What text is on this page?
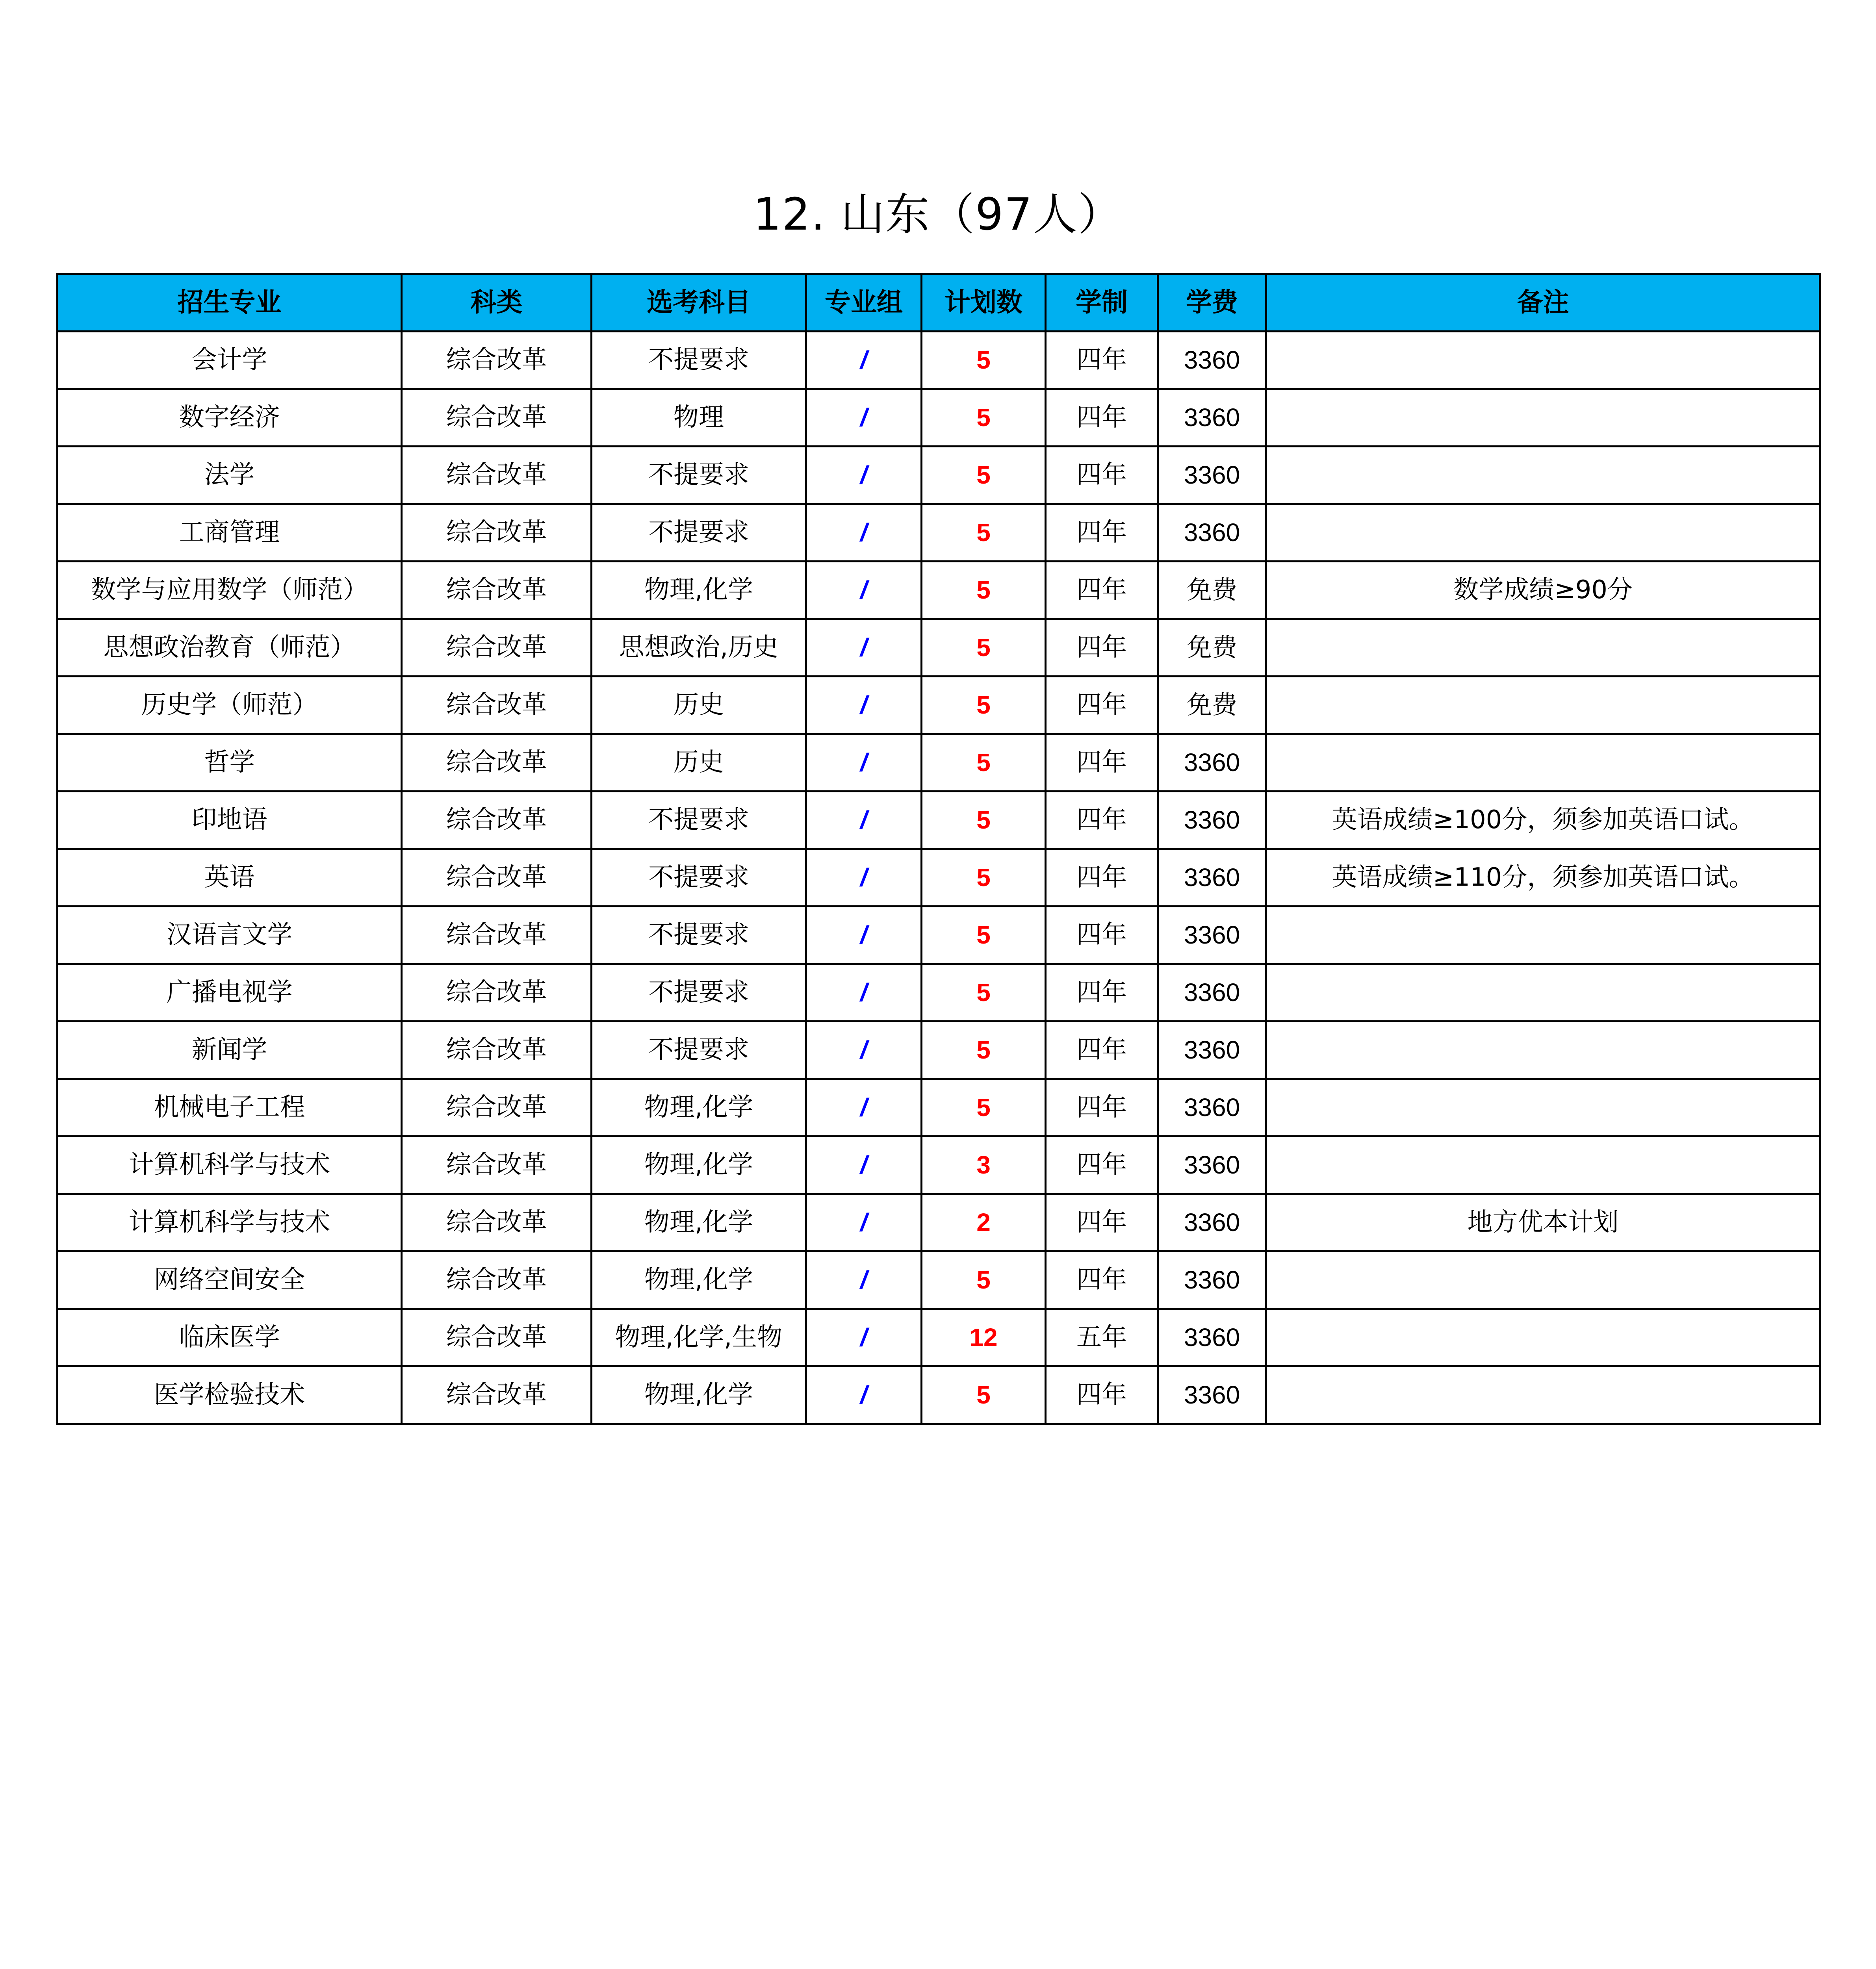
12. 山东（97人）
招生专业	科类	选考科目	专业组	计划数	学制	学费	备注
会计学	综合改革	不提要求	/	5	四年	3360	
数字经济	综合改革	物理	/	5	四年	3360	
法学	综合改革	不提要求	/	5	四年	3360	
工商管理	综合改革	不提要求	/	5	四年	3360	
数学与应用数学（师范）	综合改革	物理,化学	/	5	四年	免费	数学成绩≥90分
思想政治教育（师范）	综合改革	思想政治,历史	/	5	四年	免费	
历史学（师范）	综合改革	历史	/	5	四年	免费	
哲学	综合改革	历史	/	5	四年	3360	
印地语	综合改革	不提要求	/	5	四年	3360	英语成绩≥100分，须参加英语口试。
英语	综合改革	不提要求	/	5	四年	3360	英语成绩≥110分，须参加英语口试。
汉语言文学	综合改革	不提要求	/	5	四年	3360	
广播电视学	综合改革	不提要求	/	5	四年	3360	
新闻学	综合改革	不提要求	/	5	四年	3360	
机械电子工程	综合改革	物理,化学	/	5	四年	3360	
计算机科学与技术	综合改革	物理,化学	/	3	四年	3360	
计算机科学与技术	综合改革	物理,化学	/	2	四年	3360	地方优本计划
网络空间安全	综合改革	物理,化学	/	5	四年	3360	
临床医学	综合改革	物理,化学,生物	/	12	五年	3360	
医学检验技术	综合改革	物理,化学	/	5	四年	3360	
